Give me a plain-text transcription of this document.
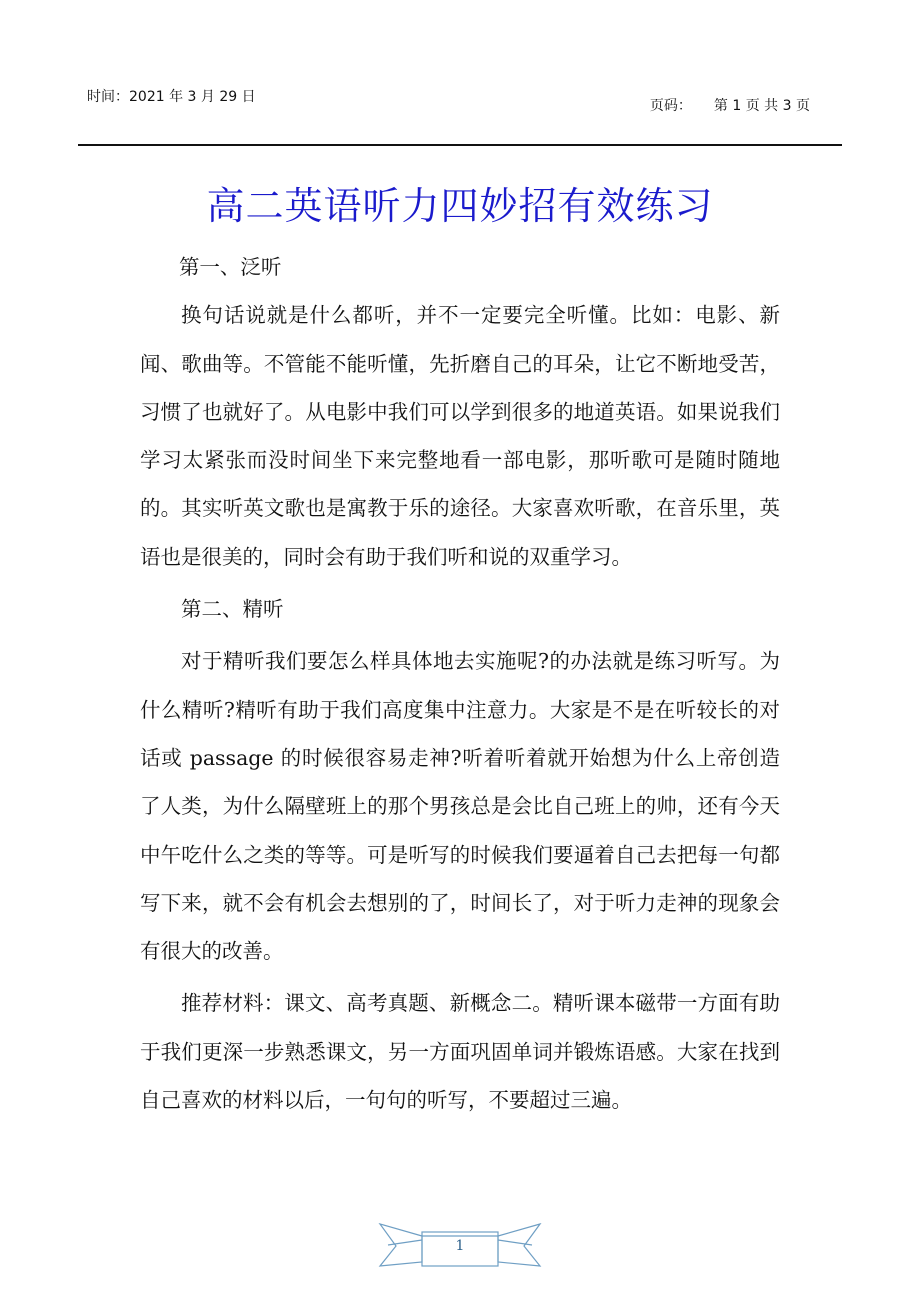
时间：2021 年 3 月 29 日
页码： 第 1 页 共 3 页
高二英语听力四妙招有效练习

第一、泛听

换句话说就是什么都听，并不一定要完全听懂。比如：电影、新闻、歌曲等。不管能不能听懂，先折磨自己的耳朵，让它不断地受苦，习惯了也就好了。从电影中我们可以学到很多的地道英语。如果说我们学习太紧张而没时间坐下来完整地看一部电影，那听歌可是随时随地的。其实听英文歌也是寓教于乐的途径。大家喜欢听歌，在音乐里，英语也是很美的，同时会有助于我们听和说的双重学习。

第二、精听

对于精听我们要怎么样具体地去实施呢?的办法就是练习听写。为什么精听?精听有助于我们高度集中注意力。大家是不是在听较长的对话或 passage 的时候很容易走神?听着听着就开始想为什么上帝创造了人类，为什么隔壁班上的那个男孩总是会比自己班上的帅，还有今天中午吃什么之类的等等。可是听写的时候我们要逼着自己去把每一句都写下来，就不会有机会去想别的了，时间长了，对于听力走神的现象会有很大的改善。

推荐材料：课文、高考真题、新概念二。精听课本磁带一方面有助于我们更深一步熟悉课文，另一方面巩固单词并锻炼语感。大家在找到自己喜欢的材料以后，一句句的听写，不要超过三遍。

1
